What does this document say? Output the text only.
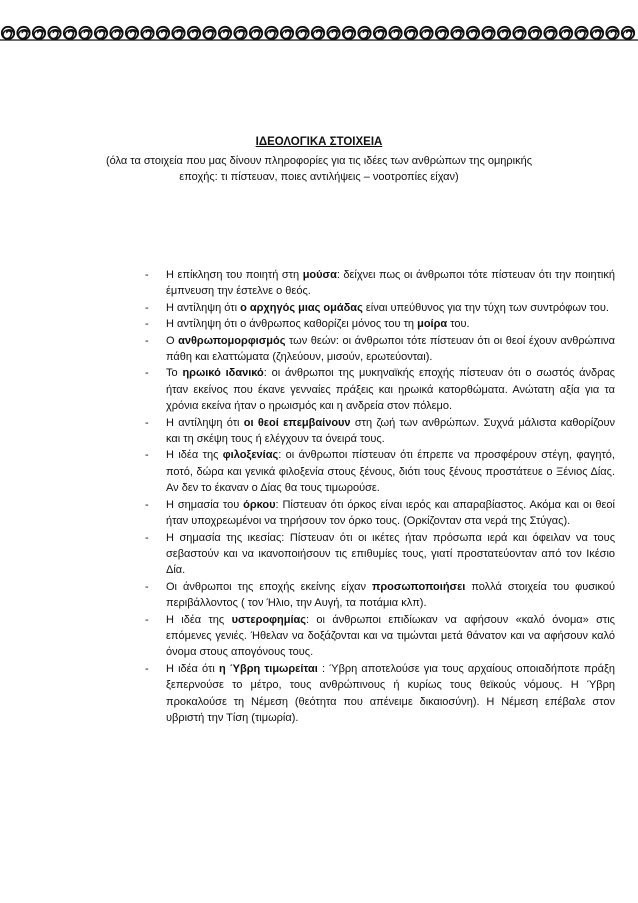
ΙΔΕΟΛΟΓΙΚΑ ΣΤΟΙΧΕΙΑ

(όλα τα στοιχεία που μας δίνουν πληροφορίες για τις ιδέες των ανθρώπων της ομηρικής εποχής: τι πίστευαν, ποιες αντιλήψεις – νοοτροπίες είχαν)

- Η επίκληση του ποιητή στη μούσα: δείχνει πως οι άνθρωποι τότε πίστευαν ότι την ποιητική έμπνευση την έστελνε ο θεός.
- Η αντίληψη ότι ο αρχηγός μιας ομάδας είναι υπεύθυνος για την τύχη των συντρόφων του.
- Η αντίληψη ότι ο άνθρωπος καθορίζει μόνος του τη μοίρα του.
- Ο ανθρωπομορφισμός των θεών: οι άνθρωποι τότε πίστευαν ότι οι θεοί έχουν ανθρώπινα πάθη και ελαττώματα (ζηλεύουν, μισούν, ερωτεύονται).
- Το ηρωικό ιδανικό: οι άνθρωποι της μυκηναϊκής εποχής πίστευαν ότι ο σωστός άνδρας ήταν εκείνος που έκανε γενναίες πράξεις και ηρωικά κατορθώματα. Ανώτατη αξία για τα χρόνια εκείνα ήταν ο ηρωισμός και η ανδρεία στον πόλεμο.
- Η αντίληψη ότι οι θεοί επεμβαίνουν στη ζωή των ανθρώπων. Συχνά μάλιστα καθορίζουν και τη σκέψη τους ή ελέγχουν τα όνειρά τους.
- Η ιδέα της φιλοξενίας: οι άνθρωποι πίστευαν ότι έπρεπε να προσφέρουν στέγη, φαγητό, ποτό, δώρα και γενικά φιλοξενία στους ξένους, διότι τους ξένους προστάτευε ο Ξένιος Δίας. Αν δεν το έκαναν ο Δίας θα τους τιμωρούσε.
- Η σημασία του όρκου: Πίστευαν ότι όρκος είναι ιερός και απαραβίαστος. Ακόμα και οι θεοί ήταν υποχρεωμένοι να τηρήσουν τον όρκο τους. (Ορκίζονταν στα νερά της Στύγας).
- Η σημασία της ικεσίας: Πίστευαν ότι οι ικέτες ήταν πρόσωπα ιερά και όφειλαν να τους σεβαστούν και να ικανοποιήσουν τις επιθυμίες τους, γιατί προστατεύονταν από τον Ικέσιο Δία.
- Οι άνθρωποι της εποχής εκείνης είχαν προσωποποιήσει πολλά στοιχεία του φυσικού περιβάλλοντος ( τον Ήλιο, την Αυγή, τα ποτάμια κλπ).
- Η ιδέα της υστεροφημίας: οι άνθρωποι επιδίωκαν να αφήσουν «καλό όνομα» στις επόμενες γενιές. Ήθελαν να δοξάζονται και να τιμώνται μετά θάνατον και να αφήσουν καλό όνομα στους απογόνους τους.
- Η ιδέα ότι η Ύβρη τιμωρείται : Ύβρη αποτελούσε για τους αρχαίους οποιαδήποτε πράξη ξεπερνούσε το μέτρο, τους ανθρώπινους ή κυρίως τους θεϊκούς νόμους. Η Ύβρη προκαλούσε τη Νέμεση (θεότητα που απένειμε δικαιοσύνη). Η Νέμεση επέβαλε στον υβριστή την Τίση (τιμωρία).
